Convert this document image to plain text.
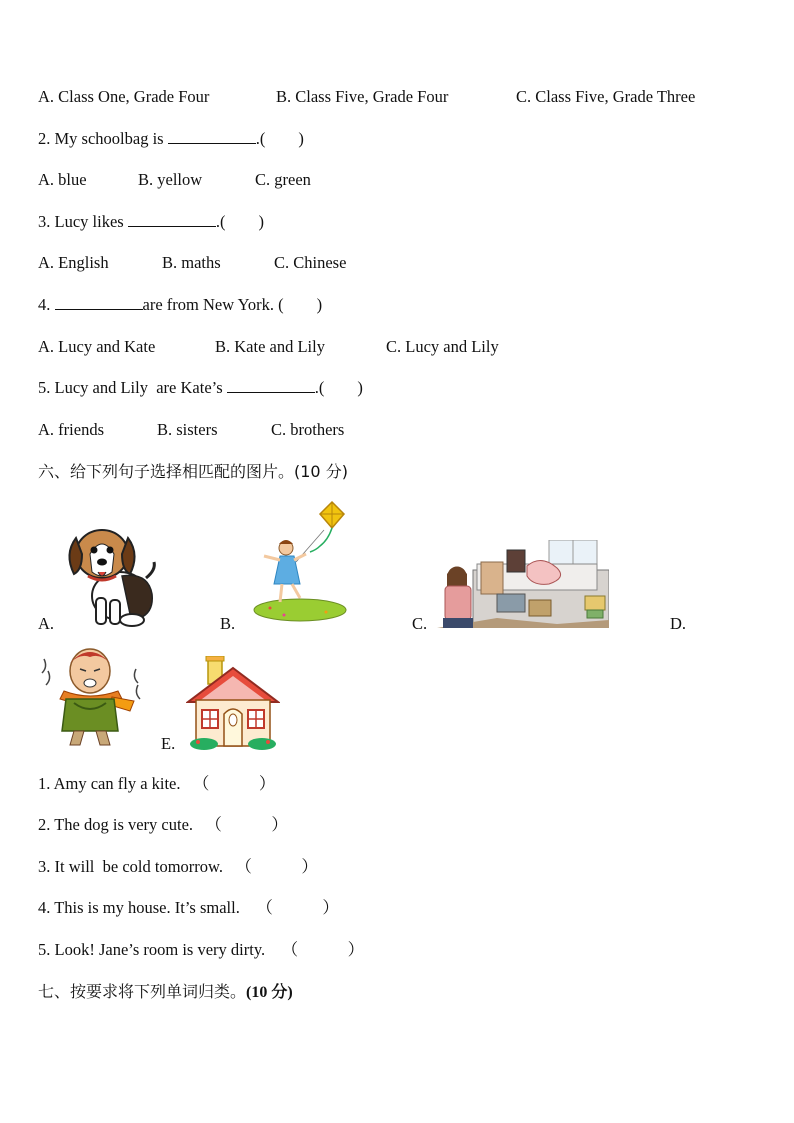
A. Class One, Grade Four	B. Class Five, Grade Four	C. Class Five, Grade Three
2. My schoolbag is	.(        )
A. blue	B. yellow	C. green
3. Lucy likes	.(        )
A. English	B. maths	C. Chinese
4.	are from New York. (        )
A. Lucy and Kate	B. Kate and Lily	C. Lucy and Lily
5. Lucy and Lily  are Kate’s	.(        )
A. friends	B. sisters	C. brothers
六、给下列句子选择相匹配的图片。(10 分)
A.	B.	C.	D.
E.
1. Amy can fly a kite.   （            ）
2. The dog is very cute.   （            ）
3. It will  be cold tomorrow.   （            ）
4. This is my house. It’s small.    （            ）
5. Look! Jane’s room is very dirty.    （            ）
七、按要求将下列单词归类。(10 分)
